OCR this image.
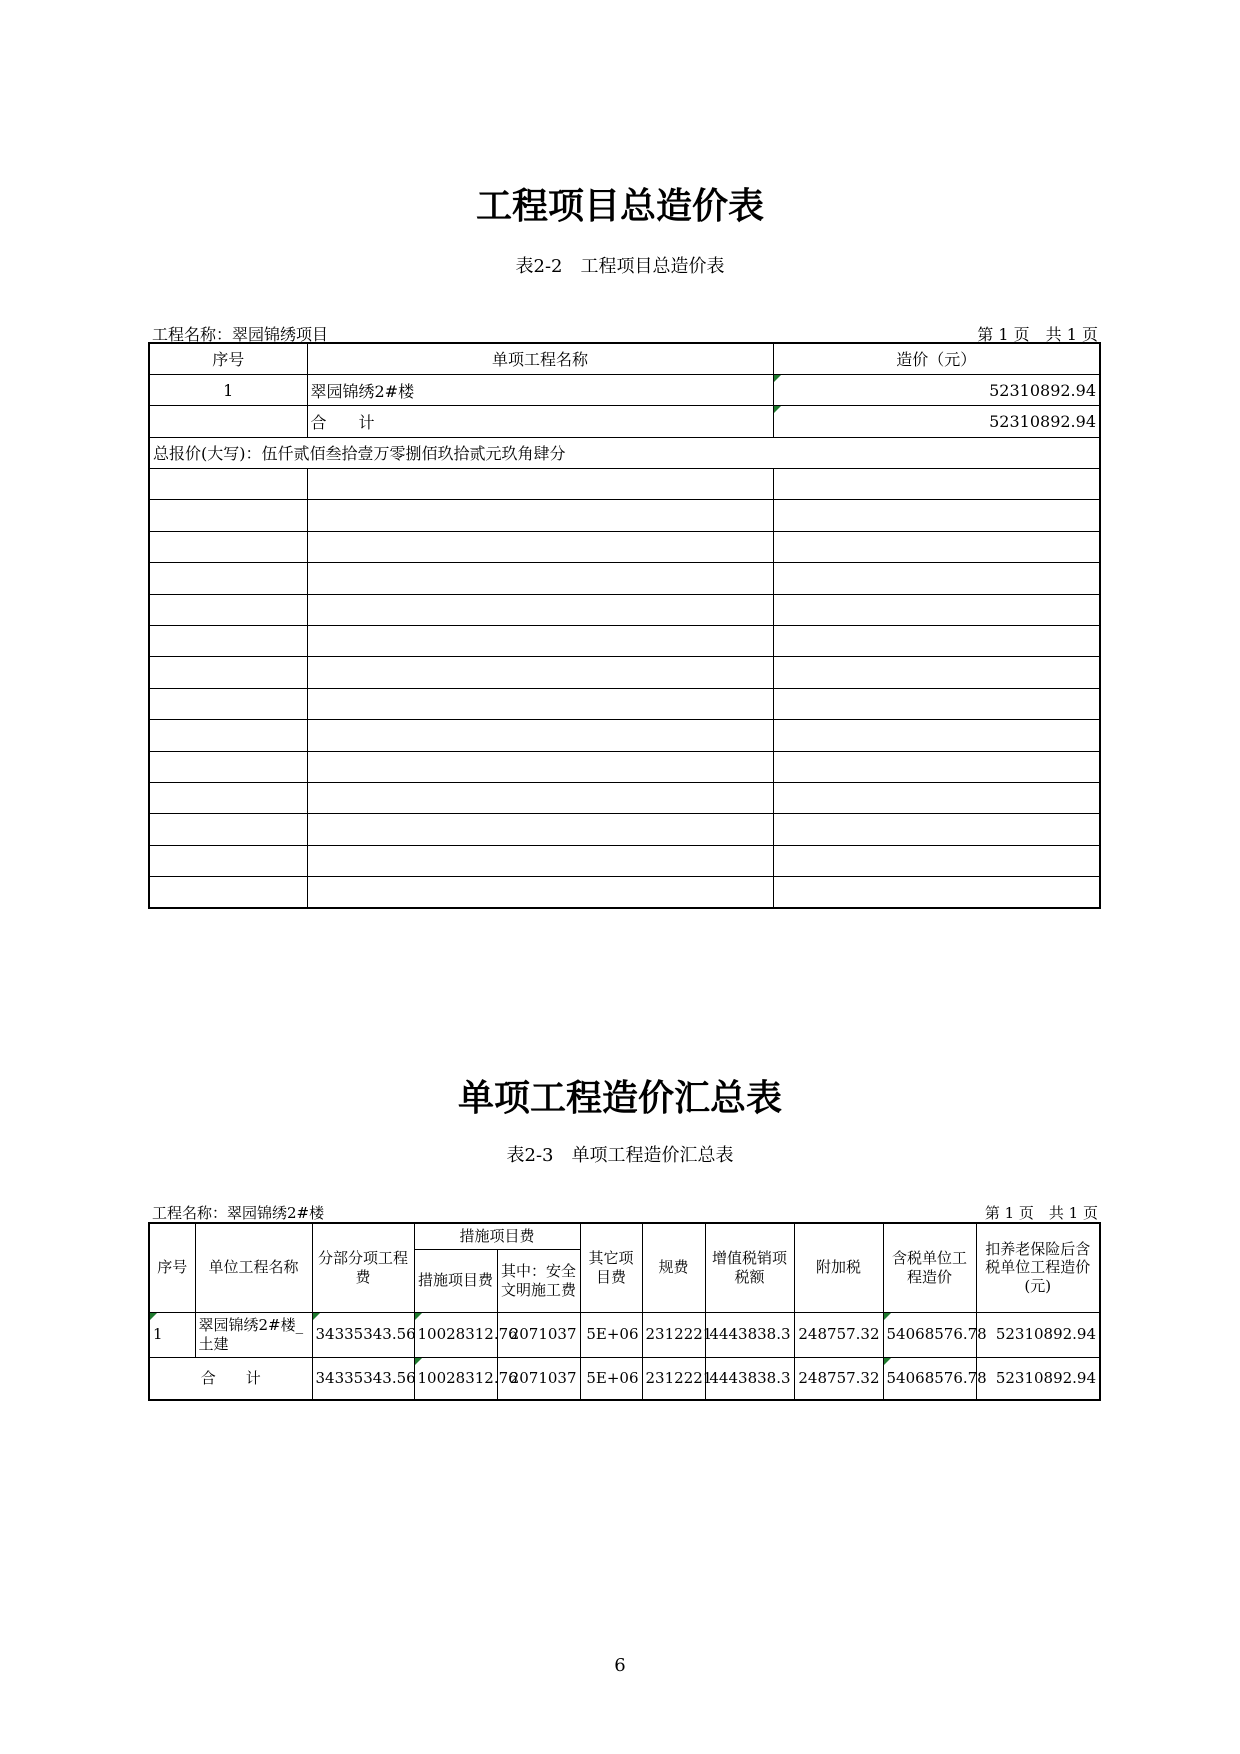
工程项目总造价表
表2-2　工程项目总造价表
工程名称：翠园锦绣项目	第 1 页　共 1 页
序号	单项工程名称	造价（元）
1	翠园锦绣2#楼	52310892.94
	合　　计	52310892.94
总报价(大写)：伍仟贰佰叁拾壹万零捌佰玖拾贰元玖角肆分		

单项工程造价汇总表
表2-3　单项工程造价汇总表
工程名称：翠园锦绣2#楼	第 1 页　共 1 页
序号	单位工程名称	分部分项工程费	措施项目费		其它项目费	规费	增值税销项税额	附加税	含税单位工程造价	扣养老保险后含税单位工程造价(元)
			措施项目费	其中：安全文明施工费						
1	翠园锦绣2#楼_土建	34335343.56	10028312.76	2071037	5E+06	2312221	4443838.3	248757.32	54068576.78	52310892.94
合　　计		34335343.56	10028312.76	2071037	5E+06	2312221	4443838.3	248757.32	54068576.78	52310892.94
6
